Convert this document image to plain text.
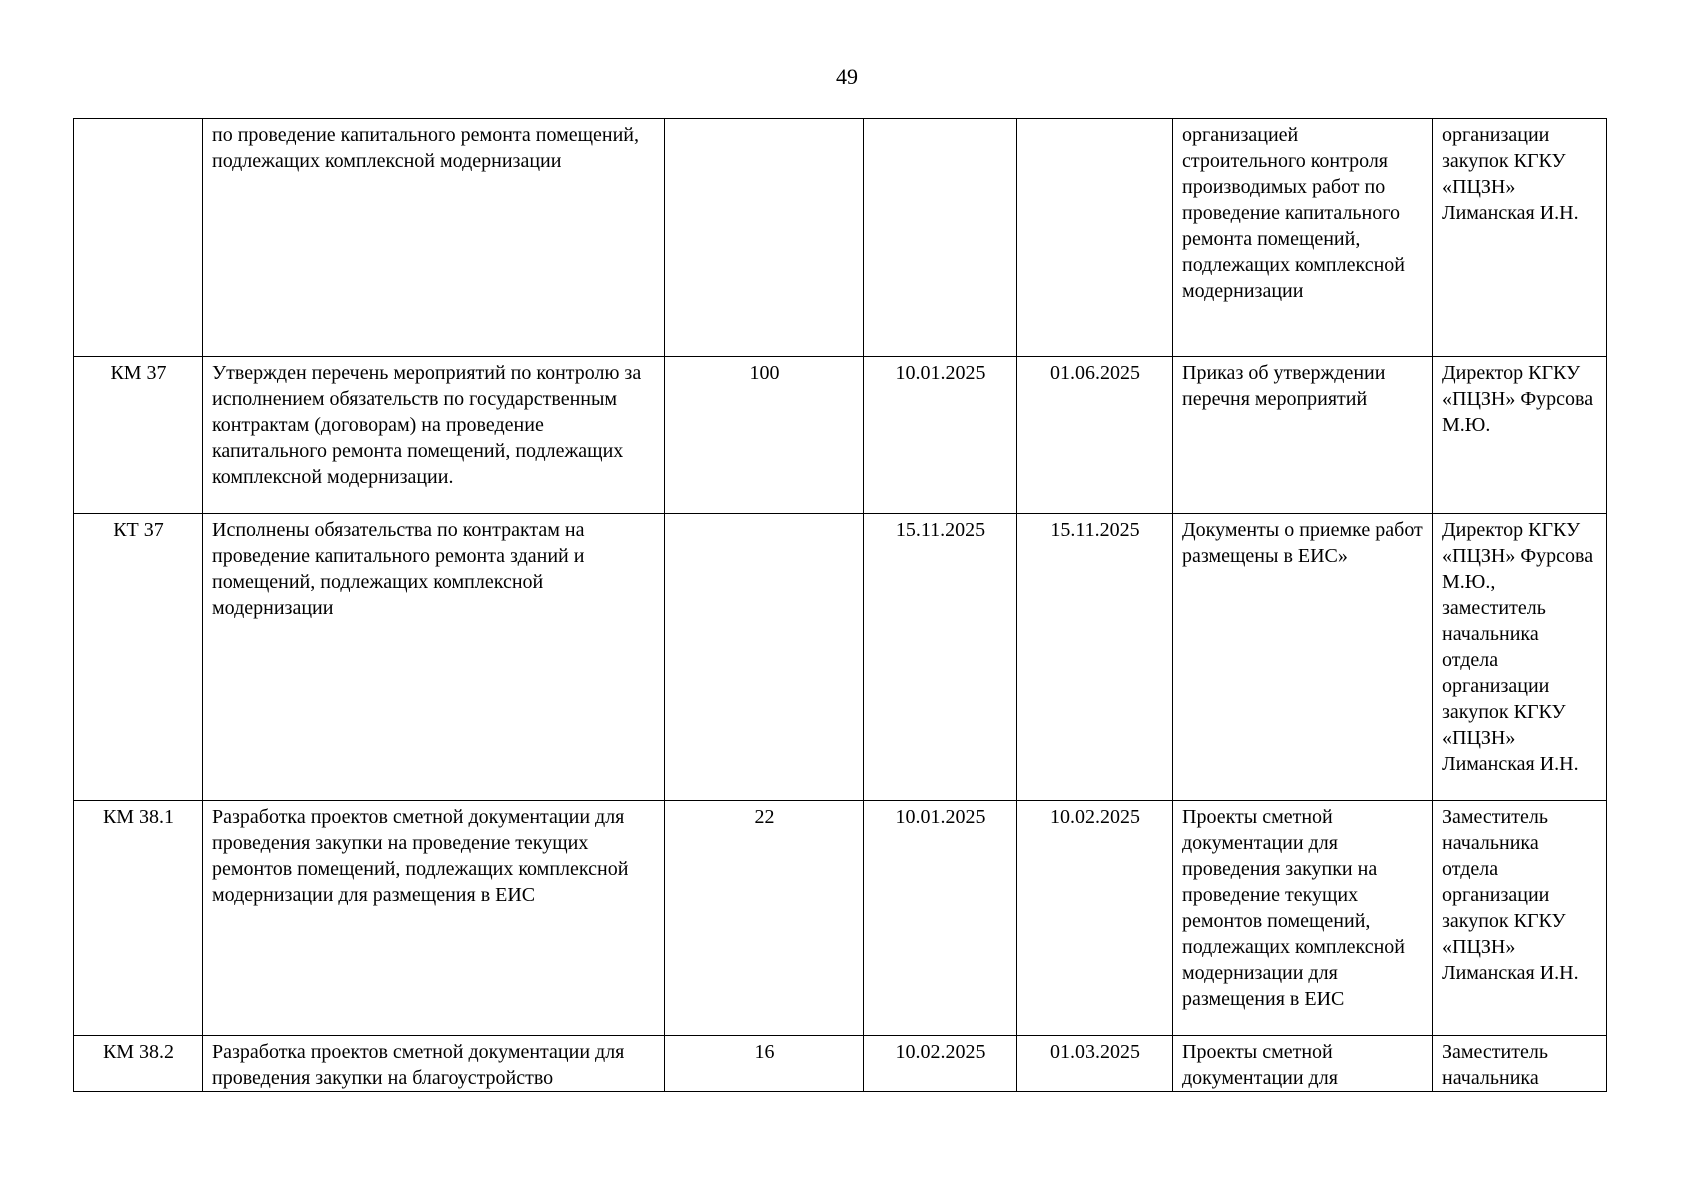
49
	по проведение капитального ремонта помещений, подлежащих комплексной модернизации				организацией строительного контроля производимых работ по проведение капитального ремонта помещений, подлежащих комплексной модернизации	организации закупок КГКУ «ПЦЗН» Лиманская И.Н.
КМ 37	Утвержден перечень мероприятий по контролю за исполнением обязательств по государственным контрактам (договорам) на проведение капитального ремонта помещений, подлежащих комплексной модернизации.	100	10.01.2025	01.06.2025	Приказ об утверждении перечня мероприятий	Директор КГКУ «ПЦЗН» Фурсова М.Ю.
КТ 37	Исполнены обязательства по контрактам на проведение капитального ремонта зданий и помещений, подлежащих комплексной модернизации		15.11.2025	15.11.2025	Документы о приемке работ размещены в ЕИС»	Директор КГКУ «ПЦЗН» Фурсова М.Ю., заместитель начальника отдела организации закупок КГКУ «ПЦЗН» Лиманская И.Н.
КМ 38.1	Разработка проектов сметной документации для проведения закупки на проведение текущих ремонтов помещений, подлежащих комплексной модернизации для размещения в ЕИС	22	10.01.2025	10.02.2025	Проекты сметной документации для проведения закупки на проведение текущих ремонтов помещений, подлежащих комплексной модернизации для размещения в ЕИС	Заместитель начальника отдела организации закупок КГКУ «ПЦЗН» Лиманская И.Н.
КМ 38.2	Разработка проектов сметной документации для проведения закупки на благоустройство	16	10.02.2025	01.03.2025	Проекты сметной документации для	Заместитель начальника
